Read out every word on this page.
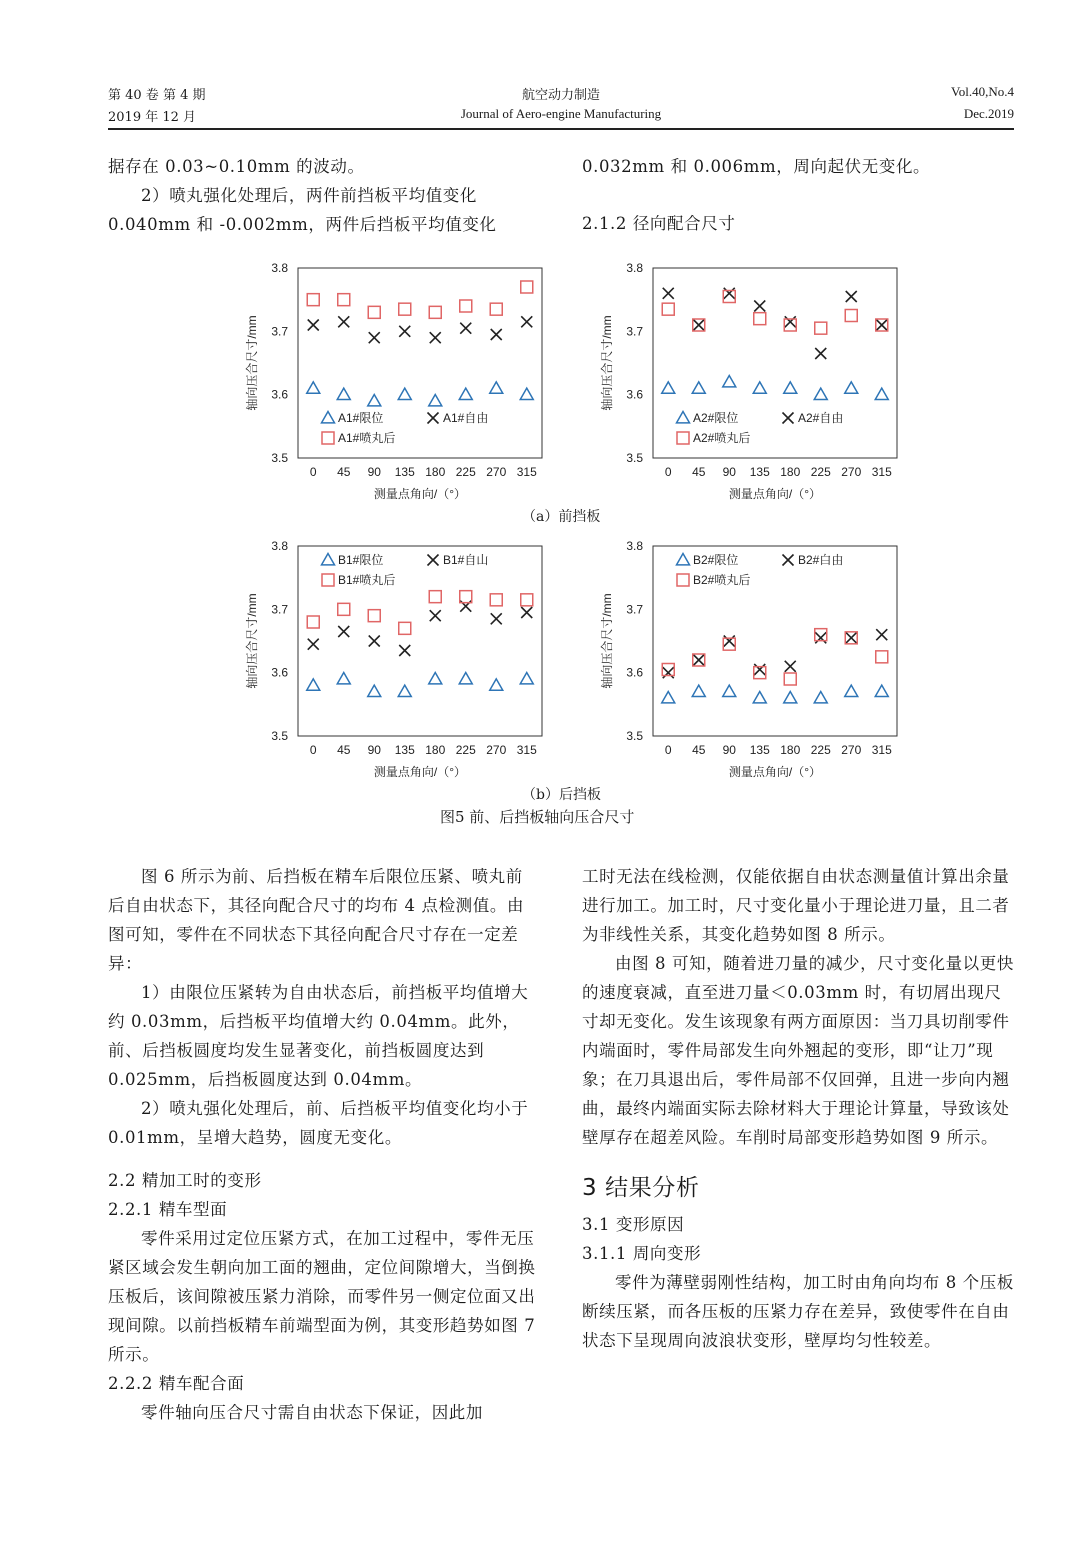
第 40 卷 第 4 期
2019 年 12 月
航空动力制造
Journal of Aero-engine Manufacturing
Vol.40,No.4
Dec.2019

据存在 0.03~0.10mm 的波动。

2）喷丸强化处理后，两件前挡板平均值变化 0.040mm 和 -0.002mm，两件后挡板平均值变化

0.032mm 和 0.006mm，周向起伏无变化。

2.1.2 径向配合尺寸

3.5
3.6
3.7
3.8
0 45 90 135 180 225 270 315
轴向压合尺寸/mm
测量点角向/（°）
A1#限位	A1#自由
A1#喷丸后
3.5
3.6
3.7
3.8
0 45 90 135 180 225 270 315
轴向压合尺寸/mm
测量点角向/（°）
A2#限位	A2#自由
A2#喷丸后
（a）前挡板
3.5
3.6
3.7
3.8
0 45 90 135 180 225 270 315
轴向压合尺寸/mm
测量点角向/（°）
B1#限位	B1#自山
B1#喷丸后
3.5
3.6
3.7
3.8
0 45 90 135 180 225 270 315
轴向压合尺寸/mm
测量点角向/（°）
B2#限位	B2#白由
B2#喷丸后
（b）后挡板
图5 前、后挡板轴向压合尺寸

图 6 所示为前、后挡板在精车后限位压紧、喷丸前后自由状态下，其径向配合尺寸的均布 4 点检测值。由图可知，零件在不同状态下其径向配合尺寸存在一定差异：

1）由限位压紧转为自由状态后，前挡板平均值增大约 0.03mm，后挡板平均值增大约 0.04mm。此外，前、后挡板圆度均发生显著变化，前挡板圆度达到 0.025mm，后挡板圆度达到 0.04mm。

2）喷丸强化处理后，前、后挡板平均值变化均小于 0.01mm，呈增大趋势，圆度无变化。

2.2 精加工时的变形

2.2.1 精车型面

零件采用过定位压紧方式，在加工过程中，零件无压紧区域会发生朝向加工面的翘曲，定位间隙增大，当倒换压板后，该间隙被压紧力消除，而零件另一侧定位面又出现间隙。以前挡板精车前端型面为例，其变形趋势如图 7 所示。

2.2.2 精车配合面

零件轴向压合尺寸需自由状态下保证，因此加

工时无法在线检测，仅能依据自由状态测量值计算出余量进行加工。加工时，尺寸变化量小于理论进刀量，且二者为非线性关系，其变化趋势如图 8 所示。

由图 8 可知，随着进刀量的减少，尺寸变化量以更快的速度衰减，直至进刀量＜0.03mm 时，有切屑出现尺寸却无变化。发生该现象有两方面原因：当刀具切削零件内端面时，零件局部发生向外翘起的变形，即“让刀”现象；在刀具退出后，零件局部不仅回弹，且进一步向内翘曲，最终内端面实际去除材料大于理论计算量，导致该处壁厚存在超差风险。车削时局部变形趋势如图 9 所示。

3 结果分析

3.1 变形原因

3.1.1 周向变形

零件为薄壁弱刚性结构，加工时由角向均布 8 个压板断续压紧，而各压板的压紧力存在差异，致使零件在自由状态下呈现周向波浪状变形，壁厚均匀性较差。
